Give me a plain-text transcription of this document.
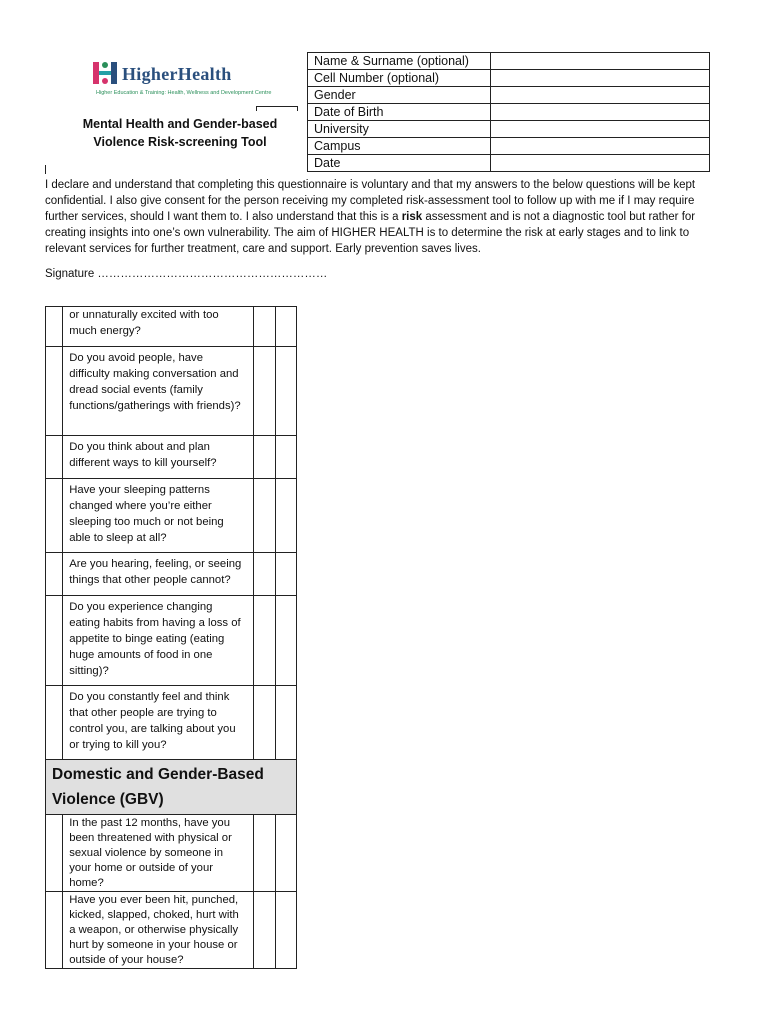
HigherHealth
Higher Education & Training: Health, Wellness and Development Centre
Mental Health and Gender-based
Violence Risk-screening Tool
Name & Surname (optional)	
Cell Number (optional)	
Gender	
Date of Birth	
University	
Campus	
Date	
I declare and understand that completing this questionnaire is voluntary and that my answers to the below questions will be kept confidential. I also give consent for the person receiving my completed risk-assessment tool to follow up with me if I may require further services, should I want them to. I also understand that this is a risk assessment and is not a diagnostic tool but rather for creating insights into one’s own vulnerability. The aim of HIGHER HEALTH is to determine the risk at early stages and to link to relevant services for further treatment, care and support. Early prevention saves lives.
Signature ……………………………………………………
	or unnaturally excited with too much energy?		
	Do you avoid people, have difficulty making conversation and dread social events (family functions/gatherings with friends)?		
	Do you think about and plan different ways to kill yourself?		
	Have your sleeping patterns changed where you’re either sleeping too much or not being able to sleep at all?		
	Are you hearing, feeling, or seeing things that other people cannot?		
	Do you experience changing eating habits from having a loss of appetite to binge eating (eating huge amounts of food in one sitting)?		
	Do you constantly feel and think that other people are trying to control you, are talking about you or trying to kill you?		
Domestic and Gender-Based Violence (GBV)			
	In the past 12 months, have you been threatened with physical or sexual violence by someone in your home or outside of your home?		
	Have you ever been hit, punched, kicked, slapped, choked, hurt with a weapon, or otherwise physically hurt by someone in your house or outside of your house?		
